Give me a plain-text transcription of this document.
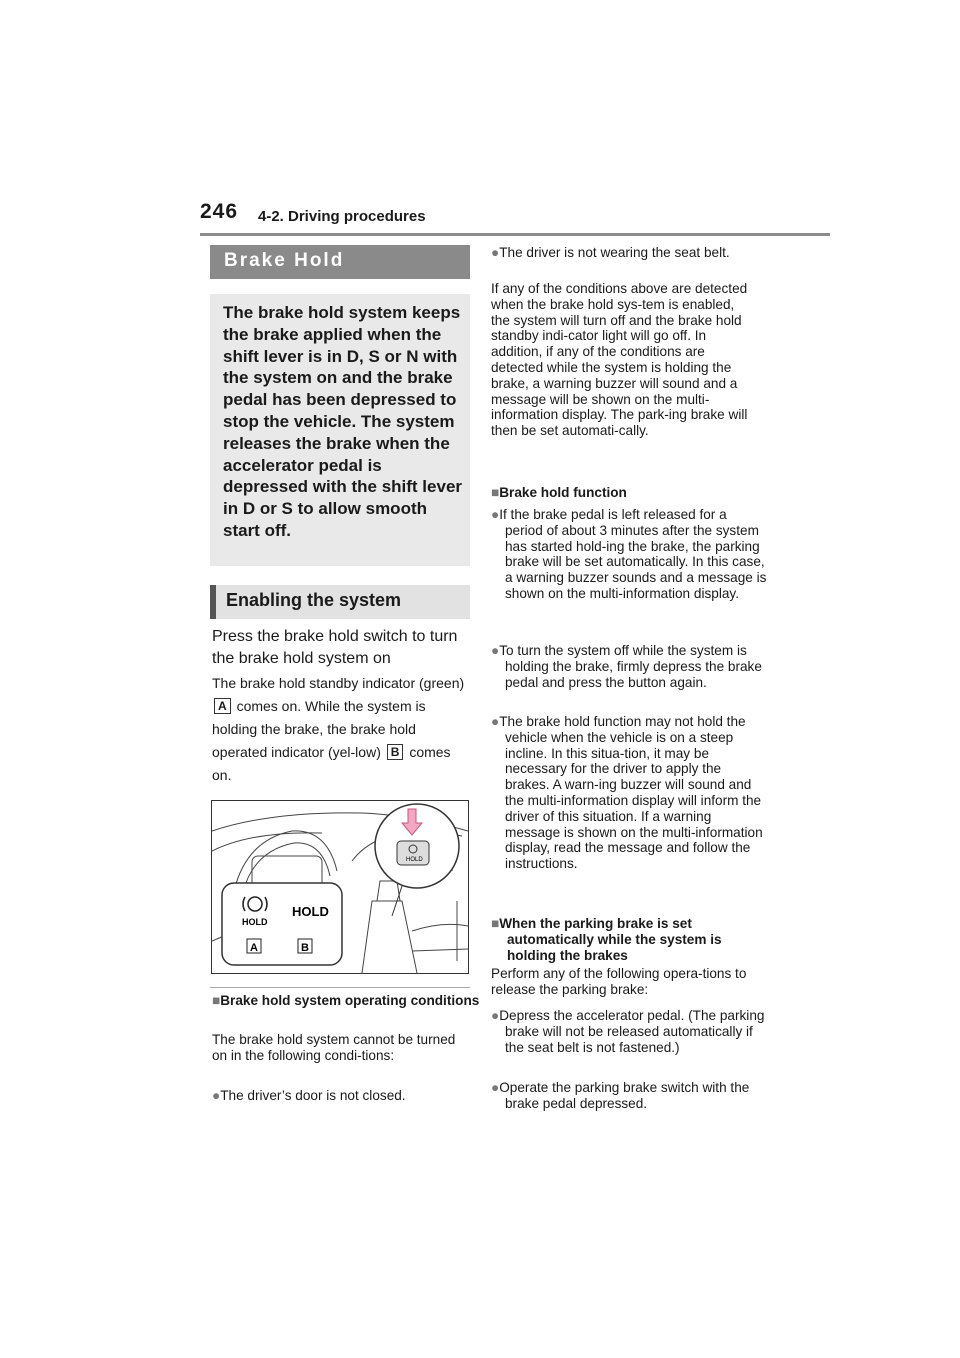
246 4-2. Driving procedures
Brake Hold

The brake hold system keeps the brake applied when the shift lever is in D, S or N with the system on and the brake pedal has been depressed to stop the vehicle. The system releases the brake when the accelerator pedal is depressed with the shift lever in D or S to allow smooth start off.

Enabling the system
Press the brake hold switch to turn the brake hold system on
The brake hold standby indicator (green) A comes on. While the system is holding the brake, the brake hold operated indicator (yel-low) B comes on.
HOLD
HOLD
HOLD
A	B
■Brake hold system operating conditions
The brake hold system cannot be turned on in the following condi-tions:
●The driver’s door is not closed.
●The driver is not wearing the seat belt.
If any of the conditions above are detected when the brake hold sys-tem is enabled, the system will turn off and the brake hold standby indi-cator light will go off. In addition, if any of the conditions are detected while the system is holding the brake, a warning buzzer will sound and a message will be shown on the multi-information display. The park-ing brake will then be set automati-cally.
■Brake hold function
●If the brake pedal is left released for a period of about 3 minutes after the system has started hold-ing the brake, the parking brake will be set automatically. In this case, a warning buzzer sounds and a message is shown on the multi-information display.
●To turn the system off while the system is holding the brake, firmly depress the brake pedal and press the button again.
●The brake hold function may not hold the vehicle when the vehicle is on a steep incline. In this situa-tion, it may be necessary for the driver to apply the brakes. A warn-ing buzzer will sound and the multi-information display will inform the driver of this situation. If a warning message is shown on the multi-information display, read the message and follow the instructions.
■When the parking brake is set automatically while the system is holding the brakes
Perform any of the following opera-tions to release the parking brake:
●Depress the accelerator pedal. (The parking brake will not be released automatically if the seat belt is not fastened.)
●Operate the parking brake switch with the brake pedal depressed.
